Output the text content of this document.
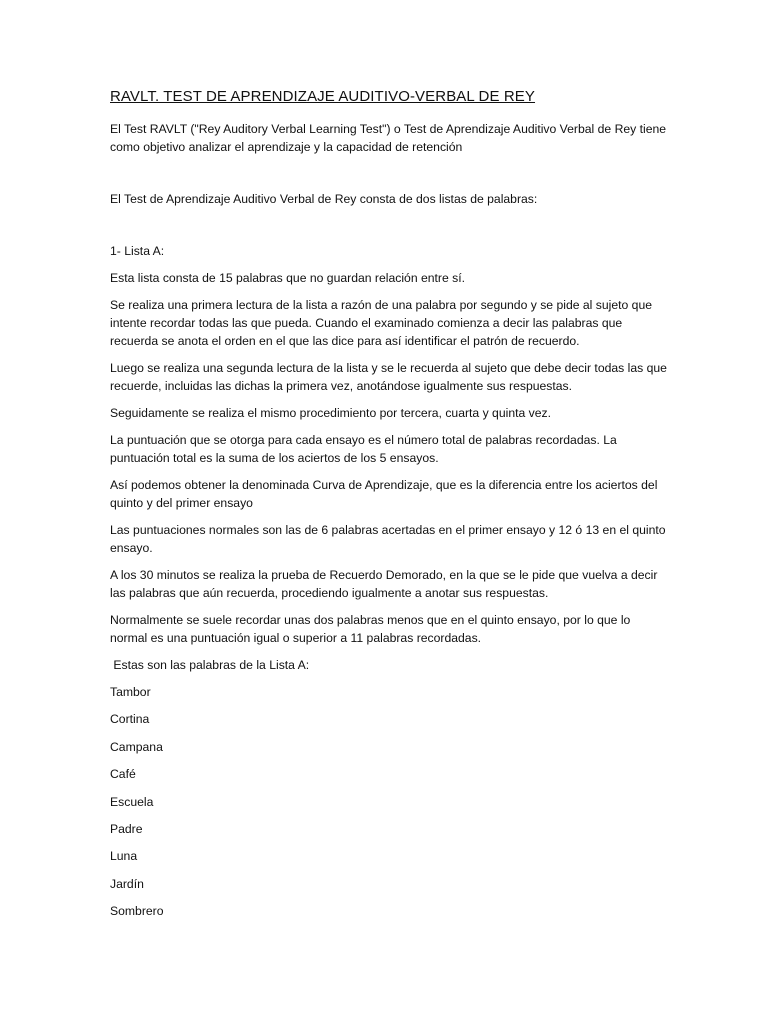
RAVLT. TEST DE APRENDIZAJE AUDITIVO-VERBAL DE REY

El Test RAVLT ("Rey Auditory Verbal Learning Test") o Test de Aprendizaje Auditivo Verbal de Rey tiene como objetivo analizar el aprendizaje y la capacidad de retención

El Test de Aprendizaje Auditivo Verbal de Rey consta de dos listas de palabras:

1- Lista A:

Esta lista consta de 15 palabras que no guardan relación entre sí.

Se realiza una primera lectura de la lista a razón de una palabra por segundo y se pide al sujeto que intente recordar todas las que pueda. Cuando el examinado comienza a decir las palabras que recuerda se anota el orden en el que las dice para así identificar el patrón de recuerdo.

Luego se realiza una segunda lectura de la lista y se le recuerda al sujeto que debe decir todas las que recuerde, incluidas las dichas la primera vez, anotándose igualmente sus respuestas.

Seguidamente se realiza el mismo procedimiento por tercera, cuarta y quinta vez.

La puntuación que se otorga para cada ensayo es el número total de palabras recordadas. La puntuación total es la suma de los aciertos de los 5 ensayos.

Así podemos obtener la denominada Curva de Aprendizaje, que es la diferencia entre los aciertos del quinto y del primer ensayo

Las puntuaciones normales son las de 6 palabras acertadas en el primer ensayo y 12 ó 13 en el quinto ensayo.

A los 30 minutos se realiza la prueba de Recuerdo Demorado, en la que se le pide que vuelva a decir las palabras que aún recuerda, procediendo igualmente a anotar sus respuestas.

Normalmente se suele recordar unas dos palabras menos que en el quinto ensayo, por lo que lo normal es una puntuación igual o superior a 11 palabras recordadas.

Estas son las palabras de la Lista A:

Tambor
Cortina
Campana
Café
Escuela
Padre
Luna
Jardín
Sombrero
